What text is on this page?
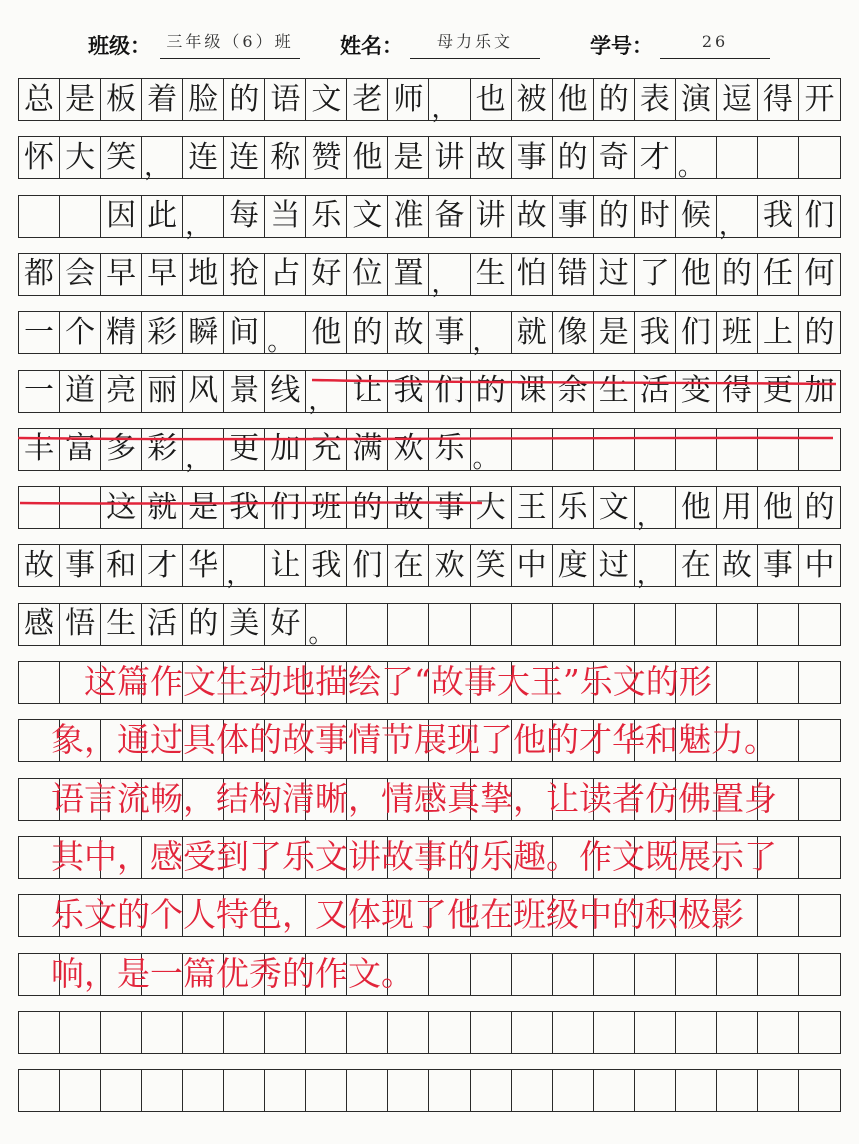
班级： 三年级（6）班	姓名：	母力乐文	学号：	26
总 是 板 着 脸 的 语 文 老 师 ， 也 被 他 的 表 演 逗 得 开
怀 大 笑 ， 连 连 称 赞 他 是 讲 故 事 的 奇 才 。
因 此 ， 每 当 乐 文 准 备 讲 故 事 的 时 候 ， 我 们
都 会 早 早 地 抢 占 好 位 置 ， 生 怕 错 过 了 他 的 任 何
一 个 精 彩 瞬 间 。 他 的 故 事 ， 就 像 是 我 们 班 上 的
一 道 亮 丽 风 景 线 ， 让 我 们 的 课 余 生 活 变 得 更 加
丰 富 多 彩 ， 更 加 充 满 欢 乐 。
这 就 是 我 们 班 的 故 事 大 王 乐 文 ， 他 用 他 的
故 事 和 才 华 ， 让 我 们 在 欢 笑 中 度 过 ， 在 故 事 中
感 悟 生 活 的 美 好 。
　　这篇作文生动地描绘了“故事大王”乐文的形
　象，通过具体的故事情节展现了他的才华和魅力。
　语言流畅，结构清晰，情感真挚，让读者仿佛置身
　其中，感受到了乐文讲故事的乐趣。作文既展示了
　乐文的个人特色，又体现了他在班级中的积极影
　响，是一篇优秀的作文。
